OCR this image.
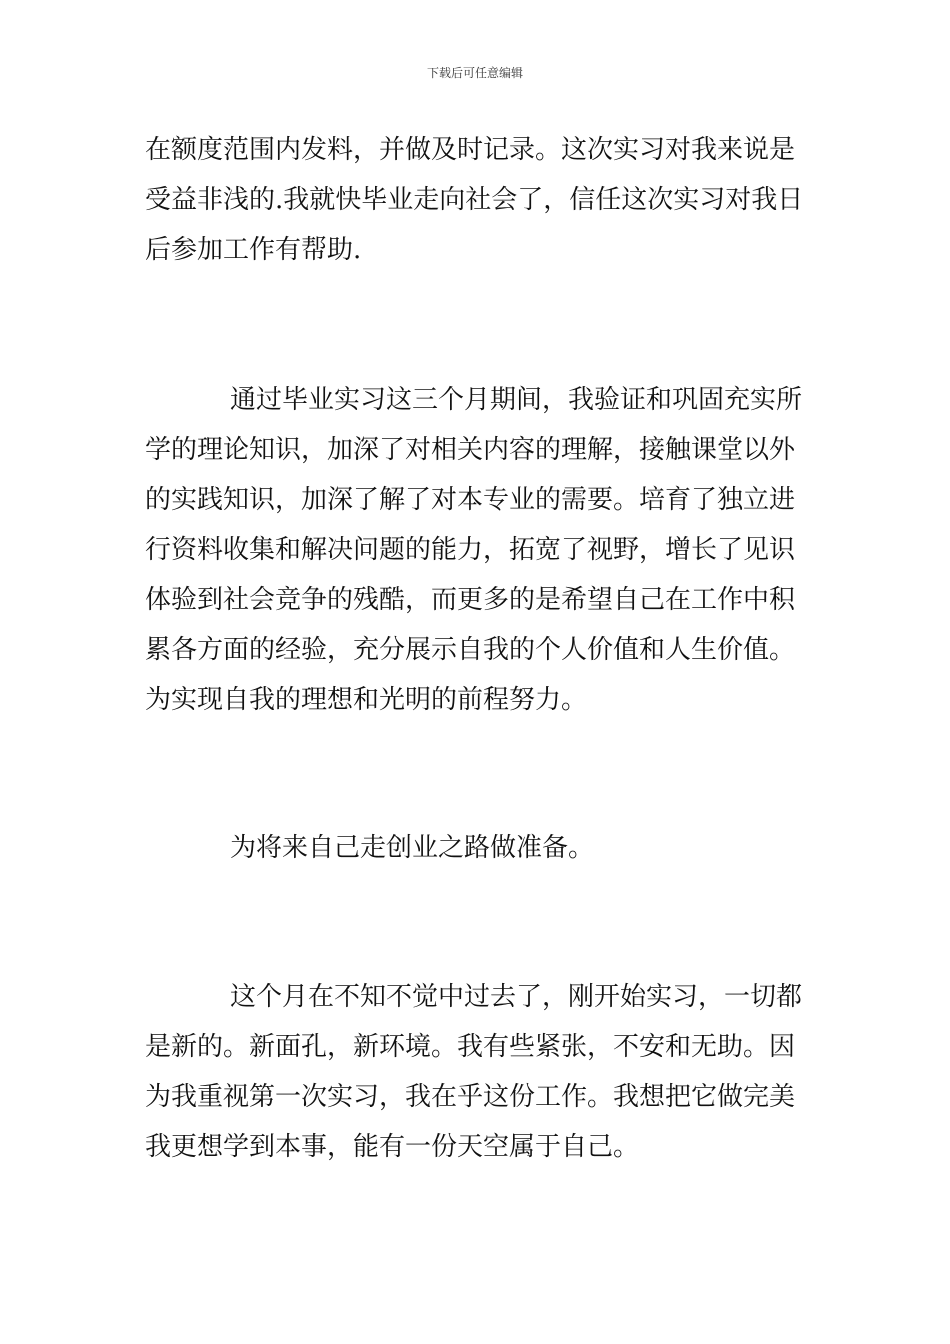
下载后可任意编辑
在额度范围内发料，并做及时记录。这次实习对我来说是
受益非浅的.我就快毕业走向社会了，信任这次实习对我日
后参加工作有帮助.
通过毕业实习这三个月期间，我验证和巩固充实所
学的理论知识，加深了对相关内容的理解，接触课堂以外
的实践知识，加深了解了对本专业的需要。培育了独立进
行资料收集和解决问题的能力，拓宽了视野，增长了见识
体验到社会竞争的残酷，而更多的是希望自己在工作中积
累各方面的经验，充分展示自我的个人价值和人生价值。
为实现自我的理想和光明的前程努力。
为将来自己走创业之路做准备。
这个月在不知不觉中过去了，刚开始实习，一切都
是新的。新面孔，新环境。我有些紧张，不安和无助。因
为我重视第一次实习，我在乎这份工作。我想把它做完美
我更想学到本事，能有一份天空属于自己。
